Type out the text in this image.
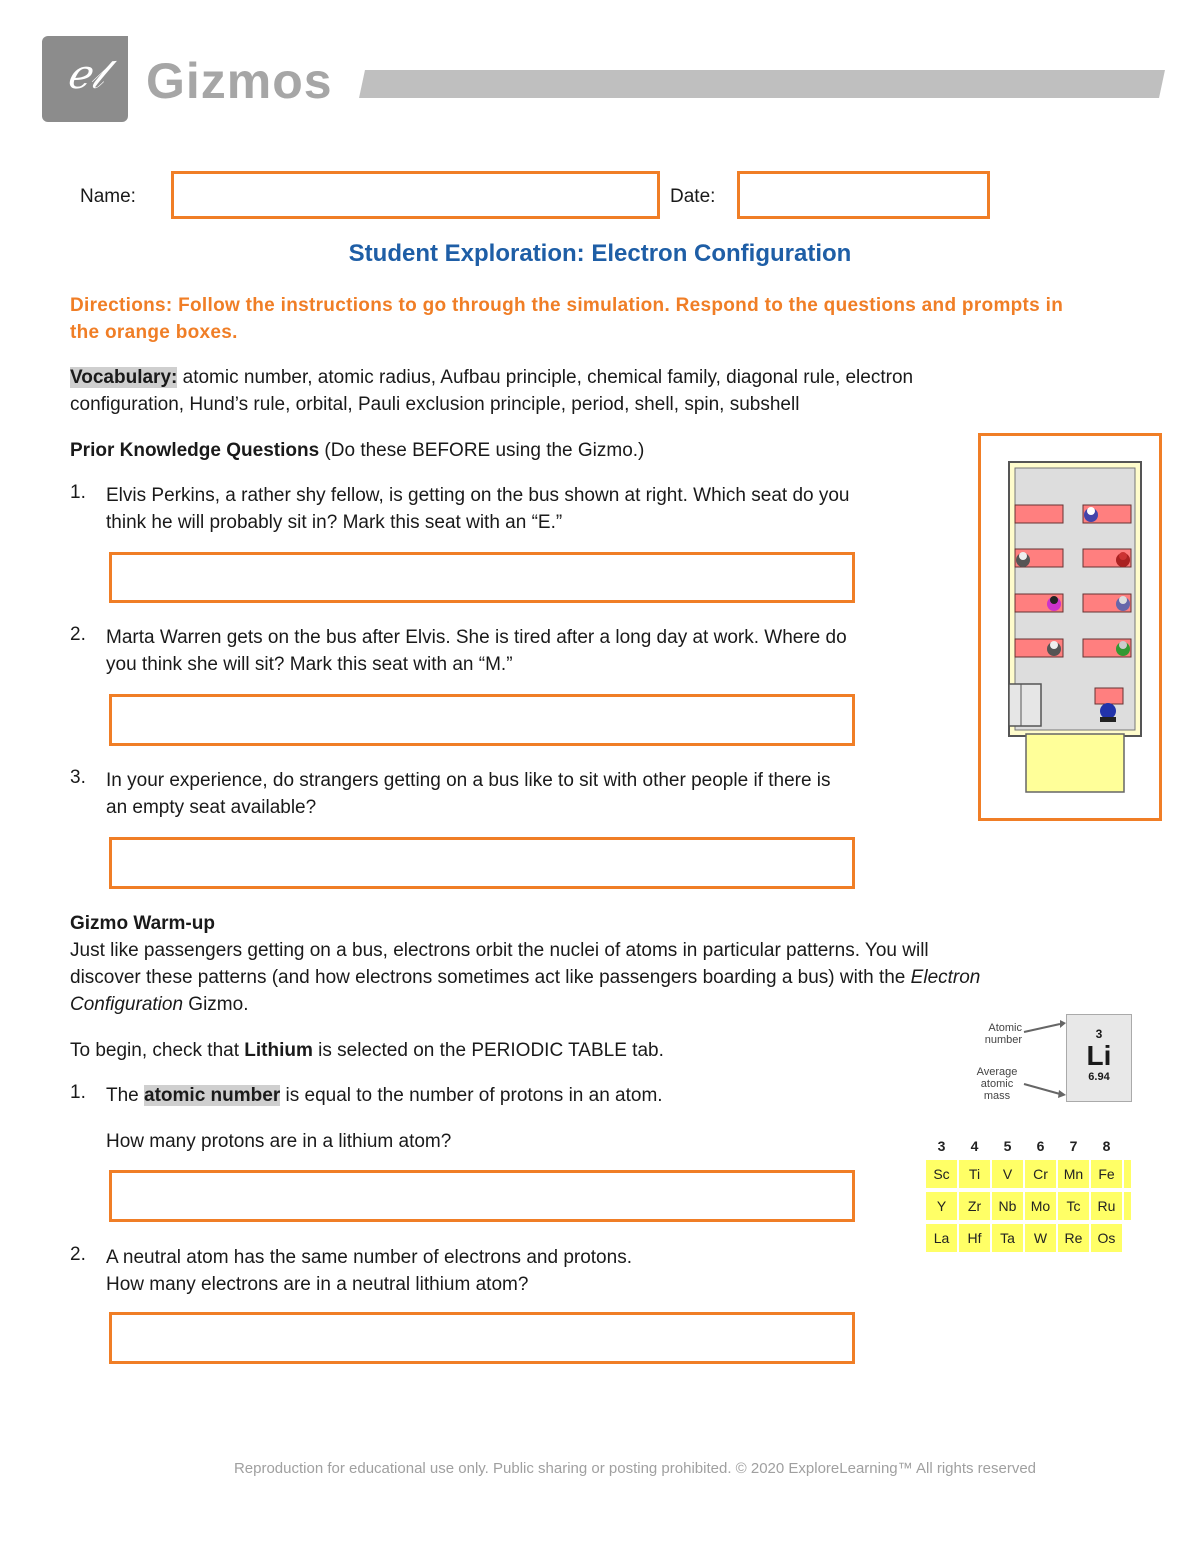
ℯ𝓁 Gizmos
Name:	Date:
Student Exploration: Electron Configuration
Directions: Follow the instructions to go through the simulation. Respond to the questions and prompts in the orange boxes.
Vocabulary: atomic number, atomic radius, Aufbau principle, chemical family, diagonal rule, electron
configuration, Hund’s rule, orbital, Pauli exclusion principle, period, shell, spin, subshell
Prior Knowledge Questions (Do these BEFORE using the Gizmo.)
1.	Elvis Perkins, a rather shy fellow, is getting on the bus shown at right. Which seat do you
think he will probably sit in? Mark this seat with an “E.”
2.	Marta Warren gets on the bus after Elvis. She is tired after a long day at work. Where do
you think she will sit? Mark this seat with an “M.”
3.	In your experience, do strangers getting on a bus like to sit with other people if there is
an empty seat available?
Gizmo Warm-up
Just like passengers getting on a bus, electrons orbit the nuclei of atoms in particular patterns. You will
discover these patterns (and how electrons sometimes act like passengers boarding a bus) with the Electron
Configuration Gizmo.
To begin, check that Lithium is selected on the PERIODIC TABLE tab.
1.	The atomic number is equal to the number of protons in an atom.
How many protons are in a lithium atom?
2.	A neutral atom has the same number of electrons and protons.
How many electrons are in a neutral lithium atom?
Atomic
number
Average
atomic
mass
3
Li
6.94
3	4	5	6	7	8
Sc	Ti	V	Cr	Mn	Fe
Y	Zr	Nb	Mo	Tc	Ru
La	Hf	Ta	W	Re	Os
Reproduction for educational use only. Public sharing or posting prohibited. © 2020 ExploreLearning™ All rights reserved
